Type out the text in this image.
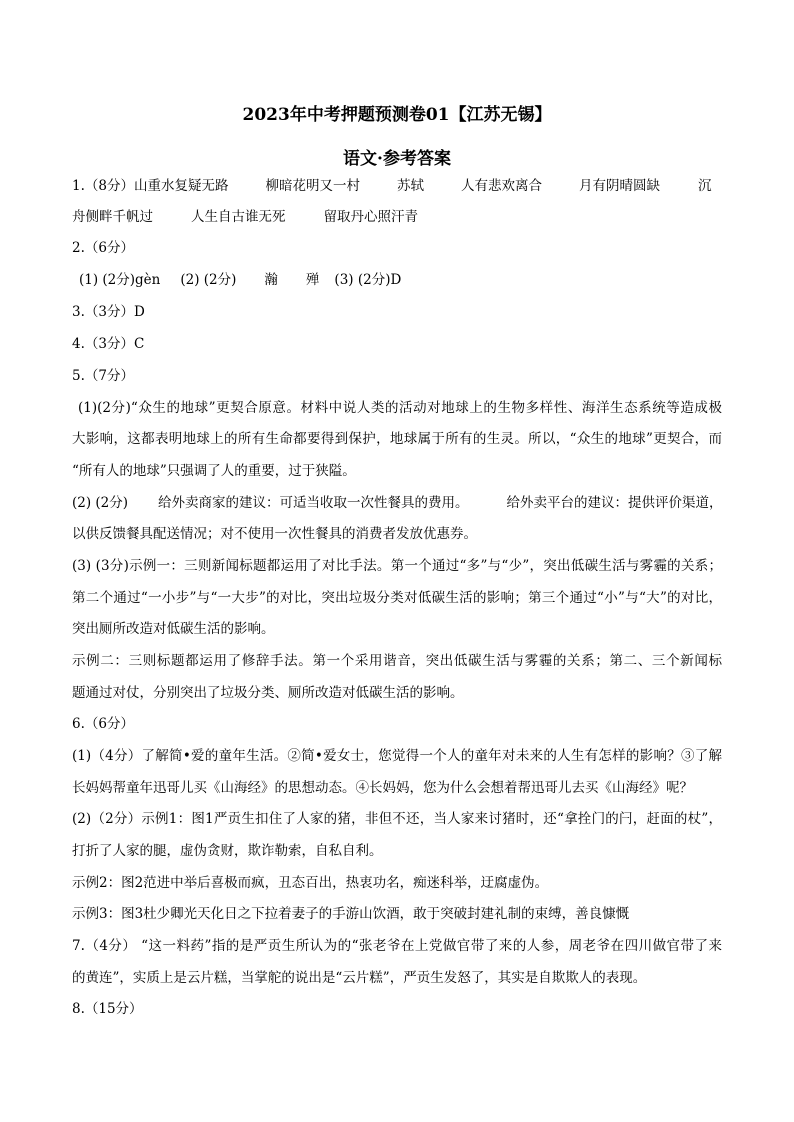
2023年中考押题预测卷01【江苏无锡】
语文·参考答案
1.（8分）山重水复疑无路	柳暗花明又一村	苏轼	人有悲欢离合	月有阴晴圆缺	沉
舟侧畔千帆过	人生自古谁无死	留取丹心照汗青
2.（6分）
(1) (2分)gèn (2) (2分) 瀚 殚 (3) (2分)D
3.（3分）D
4.（3分）C
5.（7分）
(1)(2分)“众生的地球”更契合原意。材料中说人类的活动对地球上的生物多样性、海洋生态系统等造成极
大影响，这都表明地球上的所有生命都要得到保护，地球属于所有的生灵。所以，“众生的地球”更契合，而
“所有人的地球”只强调了人的重要，过于狭隘。
(2) (2分) 给外卖商家的建议：可适当收取一次性餐具的费用。	给外卖平台的建议：提供评价渠道，
以供反馈餐具配送情况；对不使用一次性餐具的消费者发放优惠券。
(3) (3分)示例一：三则新闻标题都运用了对比手法。第一个通过“多”与“少”，突出低碳生活与雾霾的关系；
第二个通过“一小步”与“一大步”的对比，突出垃圾分类对低碳生活的影响；第三个通过“小”与“大”的对比，
突出厕所改造对低碳生活的影响。
示例二：三则标题都运用了修辞手法。第一个采用谐音，突出低碳生活与雾霾的关系；第二、三个新闻标
题通过对仗，分别突出了垃圾分类、厕所改造对低碳生活的影响。
6.（6分）
(1)（4分）了解简•爱的童年生活。②简•爱女士，您觉得一个人的童年对未来的人生有怎样的影响？③了解
长妈妈帮童年迅哥儿买《山海经》的思想动态。④长妈妈，您为什么会想着帮迅哥儿去买《山海经》呢？
(2)（2分）示例1：图1严贡生扣住了人家的猪，非但不还，当人家来讨猪时，还“拿拴门的闩，赶面的杖”，
打折了人家的腿，虚伪贪财，欺诈勒索，自私自利。
示例2：图2范进中举后喜极而疯，丑态百出，热衷功名，痴迷科举，迂腐虚伪。
示例3：图3杜少卿光天化日之下拉着妻子的手游山饮酒，敢于突破封建礼制的束缚，善良慷慨
7.（4分） “这一料药”指的是严贡生所认为的“张老爷在上党做官带了来的人参，周老爷在四川做官带了来
的黄连”，实质上是云片糕，当掌舵的说出是“云片糕”，严贡生发怒了，其实是自欺欺人的表现。
8.（15分）
